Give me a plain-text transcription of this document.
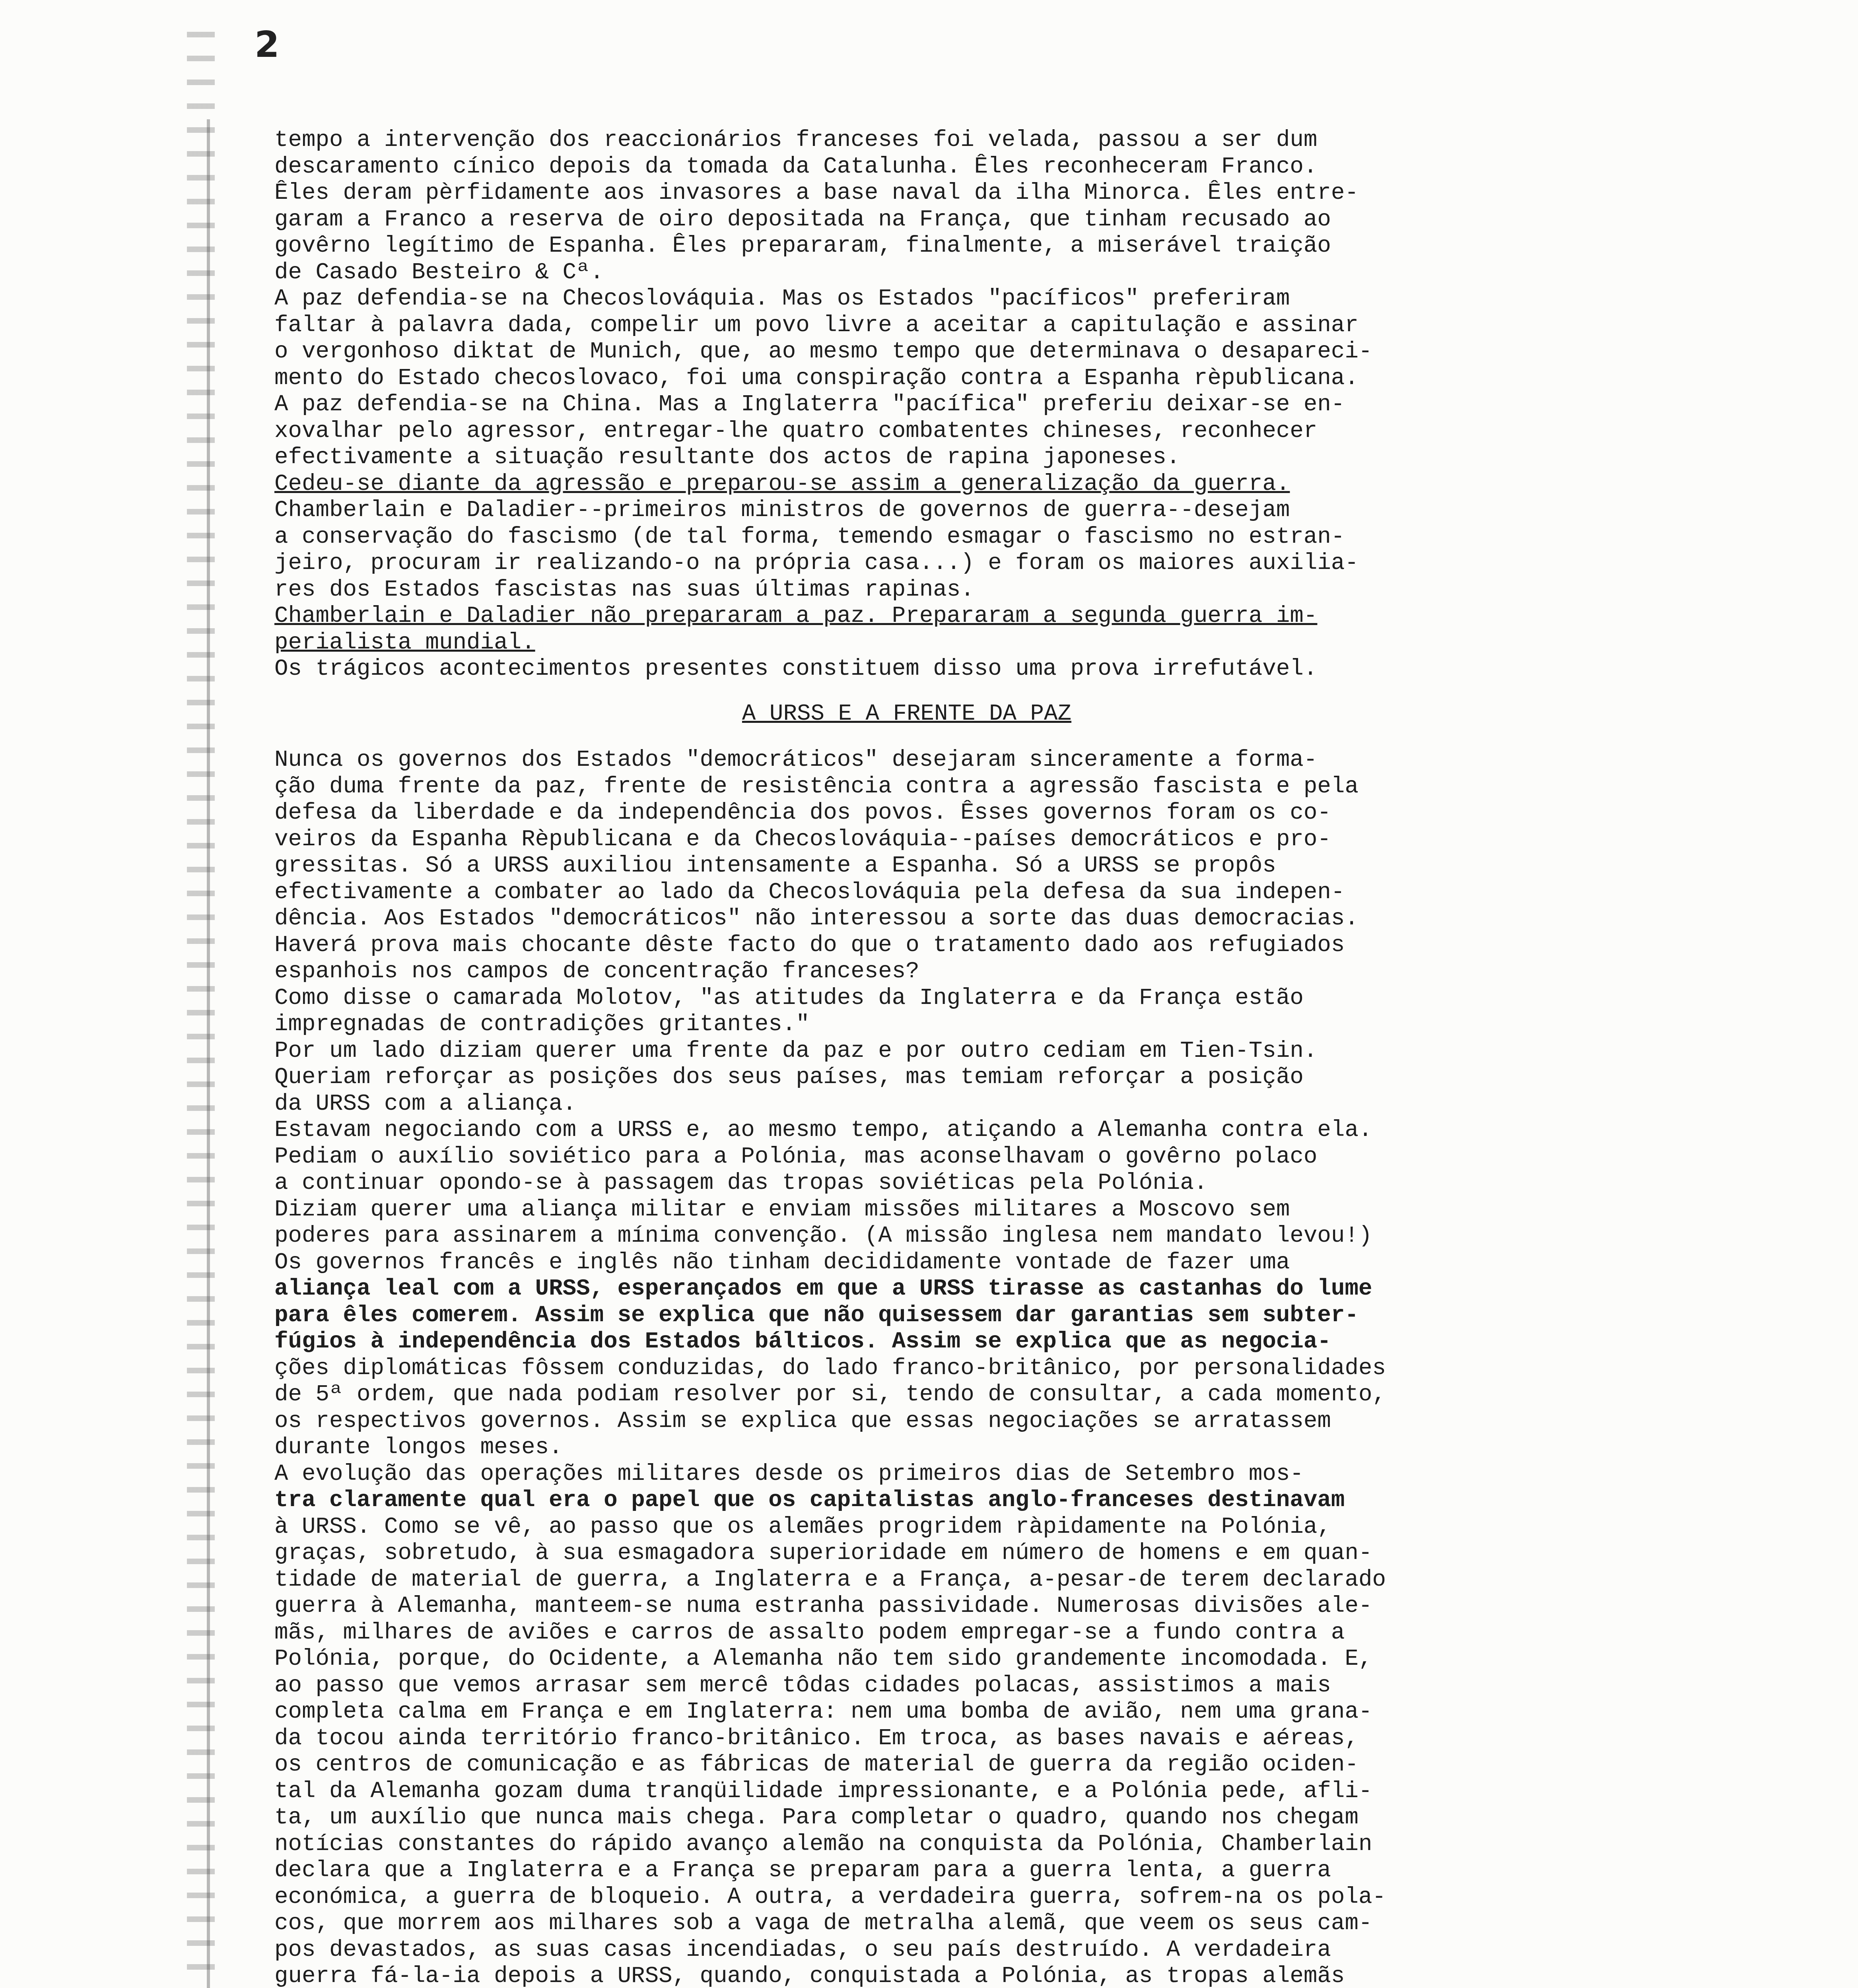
2

tempo a intervenção dos reaccionários franceses foi velada, passou a ser dum

descaramento cínico depois da tomada da Catalunha. Êles reconheceram Franco.

Êles deram pèrfidamente aos invasores a base naval da ilha Minorca. Êles entre-

garam a Franco a reserva de oiro depositada na França, que tinham recusado ao

govêrno legítimo de Espanha. Êles prepararam, finalmente, a miserável traição

de Casado Besteiro & Cª.

A paz defendia-se na Checoslováquia. Mas os Estados "pacíficos" preferiram

faltar à palavra dada, compelir um povo livre a aceitar a capitulação e assinar

o vergonhoso diktat de Munich, que, ao mesmo tempo que determinava o desapareci-

mento do Estado checoslovaco, foi uma conspiração contra a Espanha rèpublicana.

A paz defendia-se na China. Mas a Inglaterra "pacífica" preferiu deixar-se en-

xovalhar pelo agressor, entregar-lhe quatro combatentes chineses, reconhecer

efectivamente a situação resultante dos actos de rapina japoneses.

Cedeu-se diante da agressão e preparou-se assim a generalização da guerra.

Chamberlain e Daladier--primeiros ministros de governos de guerra--desejam

a conservação do fascismo (de tal forma, temendo esmagar o fascismo no estran-

jeiro, procuram ir realizando-o na própria casa...) e foram os maiores auxilia-

res dos Estados fascistas nas suas últimas rapinas.

Chamberlain e Daladier não prepararam a paz. Prepararam a segunda guerra im-

perialista mundial.

Os trágicos acontecimentos presentes constituem disso uma prova irrefutável.

A URSS E A FRENTE DA PAZ

Nunca os governos dos Estados "democráticos" desejaram sinceramente a forma-

ção duma frente da paz, frente de resistência contra a agressão fascista e pela

defesa da liberdade e da independência dos povos. Êsses governos foram os co-

veiros da Espanha Rèpublicana e da Checoslováquia--países democráticos e pro-

gressitas. Só a URSS auxiliou intensamente a Espanha. Só a URSS se propôs

efectivamente a combater ao lado da Checoslováquia pela defesa da sua indepen-

dência. Aos Estados "democráticos" não interessou a sorte das duas democracias.

Haverá prova mais chocante dêste facto do que o tratamento dado aos refugiados

espanhois nos campos de concentração franceses?

Como disse o camarada Molotov, "as atitudes da Inglaterra e da França estão

impregnadas de contradições gritantes."

Por um lado diziam querer uma frente da paz e por outro cediam em Tien-Tsin.

Queriam reforçar as posições dos seus países, mas temiam reforçar a posição

da URSS com a aliança.

Estavam negociando com a URSS e, ao mesmo tempo, atiçando a Alemanha contra ela.

Pediam o auxílio soviético para a Polónia, mas aconselhavam o govêrno polaco

a continuar opondo-se à passagem das tropas soviéticas pela Polónia.

Diziam querer uma aliança militar e enviam missões militares a Moscovo sem

poderes para assinarem a mínima convenção. (A missão inglesa nem mandato levou!)

Os governos francês e inglês não tinham decididamente vontade de fazer uma

aliança leal com a URSS, esperançados em que a URSS tirasse as castanhas do lume

para êles comerem. Assim se explica que não quisessem dar garantias sem subter-

fúgios à independência dos Estados bálticos. Assim se explica que as negocia-

ções diplomáticas fôssem conduzidas, do lado franco-britânico, por personalidades

de 5ª ordem, que nada podiam resolver por si, tendo de consultar, a cada momento,

os respectivos governos. Assim se explica que essas negociações se arratassem

durante longos meses.

A evolução das operações militares desde os primeiros dias de Setembro mos-

tra claramente qual era o papel que os capitalistas anglo-franceses destinavam

à URSS. Como se vê, ao passo que os alemães progridem ràpidamente na Polónia,

graças, sobretudo, à sua esmagadora superioridade em número de homens e em quan-

tidade de material de guerra, a Inglaterra e a França, a-pesar-de terem declarado

guerra à Alemanha, manteem-se numa estranha passividade. Numerosas divisões ale-

mãs, milhares de aviões e carros de assalto podem empregar-se a fundo contra a

Polónia, porque, do Ocidente, a Alemanha não tem sido grandemente incomodada. E,

ao passo que vemos arrasar sem mercê tôdas cidades polacas, assistimos a mais

completa calma em França e em Inglaterra: nem uma bomba de avião, nem uma grana-

da tocou ainda território franco-britânico. Em troca, as bases navais e aéreas,

os centros de comunicação e as fábricas de material de guerra da região ociden-

tal da Alemanha gozam duma tranqüilidade impressionante, e a Polónia pede, afli-

ta, um auxílio que nunca mais chega. Para completar o quadro, quando nos chegam

notícias constantes do rápido avanço alemão na conquista da Polónia, Chamberlain

declara que a Inglaterra e a França se preparam para a guerra lenta, a guerra

económica, a guerra de bloqueio. A outra, a verdadeira guerra, sofrem-na os pola-

cos, que morrem aos milhares sob a vaga de metralha alemã, que veem os seus cam-

pos devastados, as suas casas incendiadas, o seu país destruído. A verdadeira

guerra fá-la-ia depois a URSS, quando, conquistada a Polónia, as tropas alemãs
